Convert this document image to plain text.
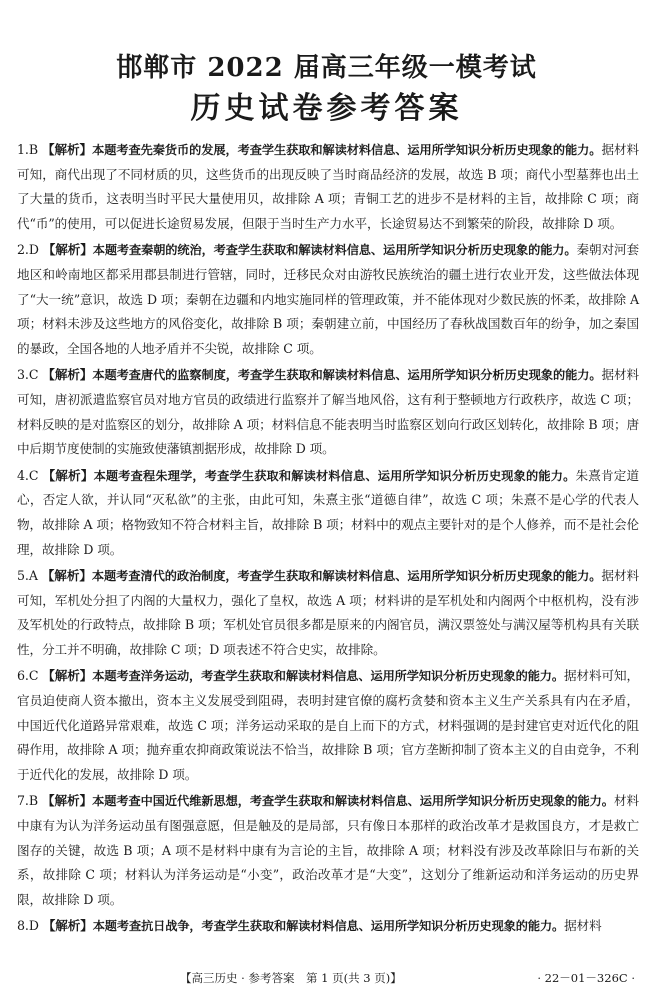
邯郸市 2022 届高三年级一模考试
历史试卷参考答案
1.B 【解析】本题考查先秦货币的发展，考查学生获取和解读材料信息、运用所学知识分析历史现象的能力。据材料可知，商代出现了不同材质的贝，这些货币的出现反映了当时商品经济的发展，故选 B 项；商代小型墓葬也出土了大量的货币，这表明当时平民大量使用贝，故排除 A 项；青铜工艺的进步不是材料的主旨，故排除 C 项；商代“币”的使用，可以促进长途贸易发展，但限于当时生产力水平，长途贸易达不到繁荣的阶段，故排除 D 项。
2.D 【解析】本题考查秦朝的统治，考查学生获取和解读材料信息、运用所学知识分析历史现象的能力。秦朝对河套地区和岭南地区都采用郡县制进行管辖，同时，迁移民众对由游牧民族统治的疆土进行农业开发，这些做法体现了“大一统”意识，故选 D 项；秦朝在边疆和内地实施同样的管理政策，并不能体现对少数民族的怀柔，故排除 A 项；材料未涉及这些地方的风俗变化，故排除 B 项；秦朝建立前，中国经历了春秋战国数百年的纷争，加之秦国的暴政，全国各地的人地矛盾并不尖锐，故排除 C 项。
3.C 【解析】本题考查唐代的监察制度，考查学生获取和解读材料信息、运用所学知识分析历史现象的能力。据材料可知，唐初派遣监察官员对地方官员的政绩进行监察并了解当地风俗，这有利于整顿地方行政秩序，故选 C 项；材料反映的是对监察区的划分，故排除 A 项；材料信息不能表明当时监察区划向行政区划转化，故排除 B 项；唐中后期节度使制的实施致使藩镇割据形成，故排除 D 项。
4.C 【解析】本题考查程朱理学，考查学生获取和解读材料信息、运用所学知识分析历史现象的能力。朱熹肯定道心，否定人欲，并认同“灭私欲”的主张，由此可知，朱熹主张“道德自律”，故选 C 项；朱熹不是心学的代表人物，故排除 A 项；格物致知不符合材料主旨，故排除 B 项；材料中的观点主要针对的是个人修养，而不是社会伦理，故排除 D 项。
5.A 【解析】本题考查清代的政治制度，考查学生获取和解读材料信息、运用所学知识分析历史现象的能力。据材料可知，军机处分担了内阁的大量权力，强化了皇权，故选 A 项；材料讲的是军机处和内阁两个中枢机构，没有涉及军机处的行政特点，故排除 B 项；军机处官员很多都是原来的内阁官员，满汉票签处与满汉屋等机构具有关联性，分工并不明确，故排除 C 项；D 项表述不符合史实，故排除。
6.C 【解析】本题考查洋务运动，考查学生获取和解读材料信息、运用所学知识分析历史现象的能力。据材料可知，官员迫使商人资本撤出，资本主义发展受到阻碍，表明封建官僚的腐朽贪婪和资本主义生产关系具有内在矛盾，中国近代化道路异常艰难，故选 C 项；洋务运动采取的是自上而下的方式，材料强调的是封建官吏对近代化的阻碍作用，故排除 A 项；抛弃重农抑商政策说法不恰当，故排除 B 项；官方垄断抑制了资本主义的自由竞争，不利于近代化的发展，故排除 D 项。
7.B 【解析】本题考查中国近代维新思想，考查学生获取和解读材料信息、运用所学知识分析历史现象的能力。材料中康有为认为洋务运动虽有图强意愿，但是触及的是局部，只有像日本那样的政治改革才是救国良方，才是救亡图存的关键，故选 B 项；A 项不是材料中康有为言论的主旨，故排除 A 项；材料没有涉及改革除旧与布新的关系，故排除 C 项；材料认为洋务运动是“小变”，政治改革才是“大变”，这划分了维新运动和洋务运动的历史界限，故排除 D 项。
8.D 【解析】本题考查抗日战争，考查学生获取和解读材料信息、运用所学知识分析历史现象的能力。据材料
【高三历史 · 参考答案　第 1 页(共 3 页)】	· 22－01－326C ·
